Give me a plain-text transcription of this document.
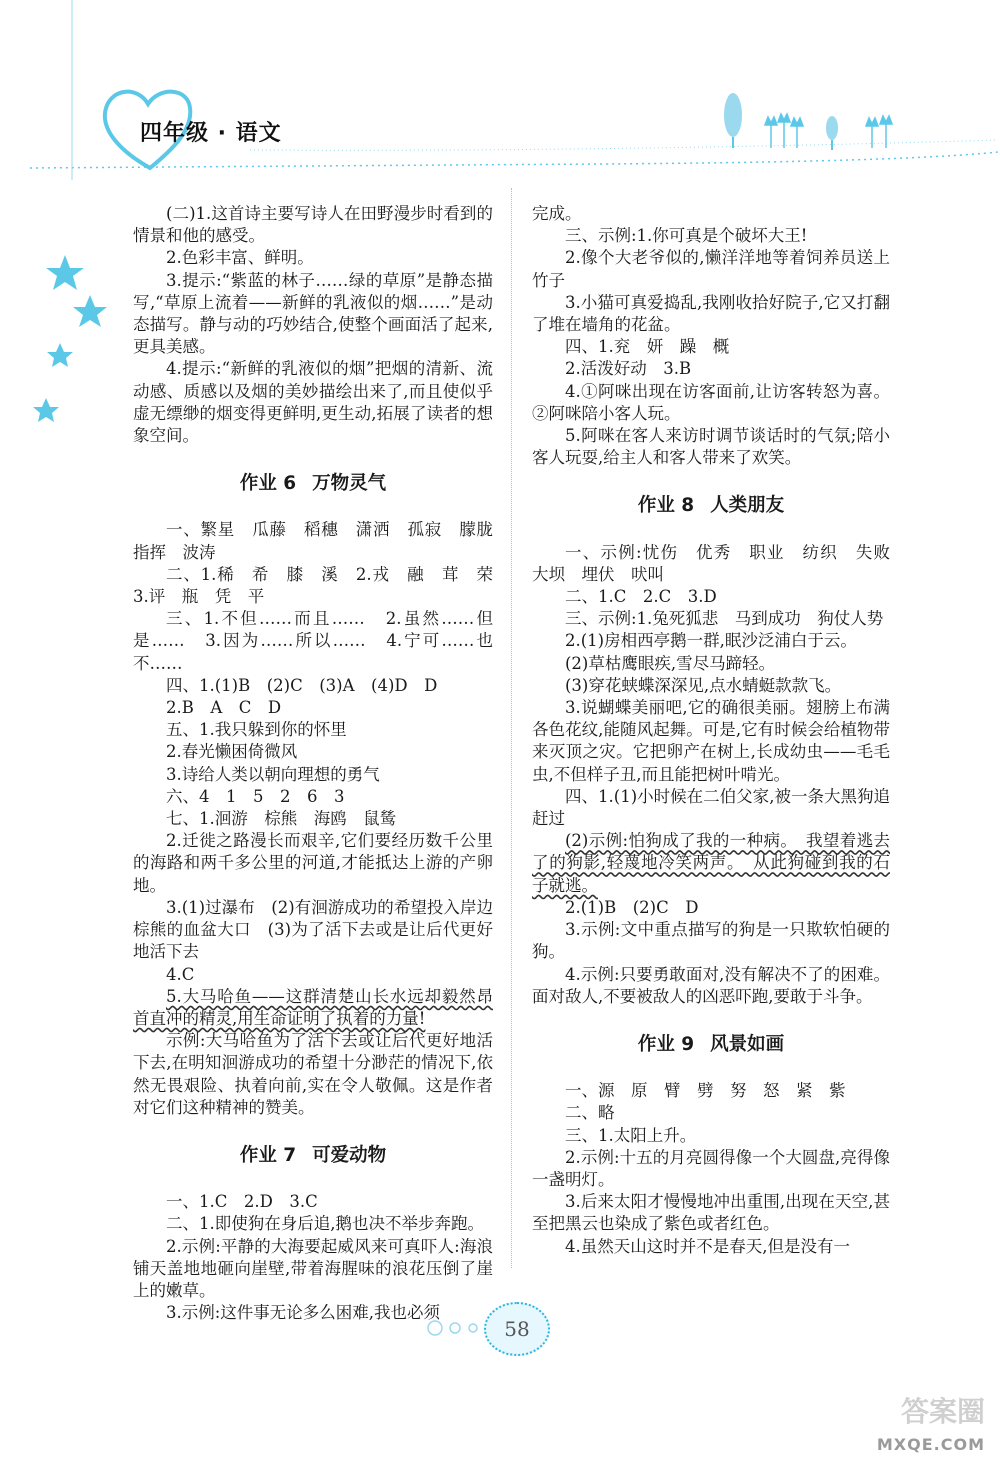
四年级 · 语文

(二)1.这首诗主要写诗人在田野漫步时看到的情景和他的感受。

2.色彩丰富、鲜明。

3.提示:“紫蓝的林子……绿的草原”是静态描写,“草原上流着——新鲜的乳液似的烟……”是动态描写。静与动的巧妙结合,使整个画面活了起来,更具美感。

4.提示:“新鲜的乳液似的烟”把烟的清新、流动感、质感以及烟的美妙描绘出来了,而且使似乎虚无缥缈的烟变得更鲜明,更生动,拓展了读者的想象空间。

作业 6 万物灵气

一、繁星　瓜藤　稻穗　潇洒　孤寂　朦胧　指挥　波涛

二、1.稀　希　膝　溪　2.戎　融　茸　荣　3.评　瓶　凭　平

三、1.不但……而且……　2.虽然……但是……　3.因为……所以……　4.宁可……也不……

四、1.(1)B　(2)C　(3)A　(4)D　D

2.B　A　C　D

五、1.我只躲到你的怀里

2.春光懒困倚微风

3.诗给人类以朝向理想的勇气

六、4　1　5　2　6　3

七、1.洄游　棕熊　海鸥　鼠鸶

2.迁徙之路漫长而艰辛,它们要经历数千公里的海路和两千多公里的河道,才能抵达上游的产卵地。

3.(1)过瀑布　(2)有洄游成功的希望投入岸边棕熊的血盆大口　(3)为了活下去或是让后代更好地活下去

4.C

5.大马哈鱼——这群清楚山长水远却毅然昂首直冲的精灵,用生命证明了执着的力量!

示例:大马哈鱼为了活下去或让后代更好地活下去,在明知洄游成功的希望十分渺茫的情况下,依然无畏艰险、执着向前,实在令人敬佩。这是作者对它们这种精神的赞美。

作业 7 可爱动物

一、1.C　2.D　3.C

二、1.即使狗在身后追,鹅也决不举步奔跑。

2.示例:平静的大海要起威风来可真吓人:海浪铺天盖地地砸向崖壁,带着海腥味的浪花压倒了崖上的嫩草。

3.示例:这件事无论多么困难,我也必须

完成。

三、示例:1.你可真是个破坏大王!

2.像个大老爷似的,懒洋洋地等着饲养员送上竹子

3.小猫可真爱捣乱,我刚收拾好院子,它又打翻了堆在墙角的花盆。

四、1.兖　妍　躁　概

2.活泼好动　3.B

4.①阿咪出现在访客面前,让访客转怒为喜。②阿咪陪小客人玩。

5.阿咪在客人来访时调节谈话时的气氛;陪小客人玩耍,给主人和客人带来了欢笑。

作业 8 人类朋友

一、示例:忧伤　优秀　职业　纺织　失败　大坝　埋伏　吠叫

二、1.C　2.C　3.D

三、示例:1.兔死狐悲　马到成功　狗仗人势

2.(1)房相西亭鹅一群,眠沙泛浦白于云。

(2)草枯鹰眼疾,雪尽马蹄轻。

(3)穿花蛱蝶深深见,点水蜻蜓款款飞。

3.说蝴蝶美丽吧,它的确很美丽。翅膀上布满各色花纹,能随风起舞。可是,它有时候会给植物带来灭顶之灾。它把卵产在树上,长成幼虫——毛毛虫,不但样子丑,而且能把树叶啃光。

四、1.(1)小时候在二伯父家,被一条大黑狗追赶过

(2)示例:怕狗成了我的一种病。　我望着逃去了的狗影,轻蔑地冷笑两声。　从此狗碰到我的石子就逃。

2.(1)B　(2)C　D

3.示例:文中重点描写的狗是一只欺软怕硬的狗。

4.示例:只要勇敢面对,没有解决不了的困难。面对敌人,不要被敌人的凶恶吓跑,要敢于斗争。

作业 9 风景如画

一、源　原　臂　劈　努　怒　紧　紫

二、略

三、1.太阳上升。

2.示例:十五的月亮圆得像一个大圆盘,亮得像一盏明灯。

3.后来太阳才慢慢地冲出重围,出现在天空,甚至把黑云也染成了紫色或者红色。

4.虽然天山这时并不是春天,但是没有一

58
答案圈
MXQE.COM
